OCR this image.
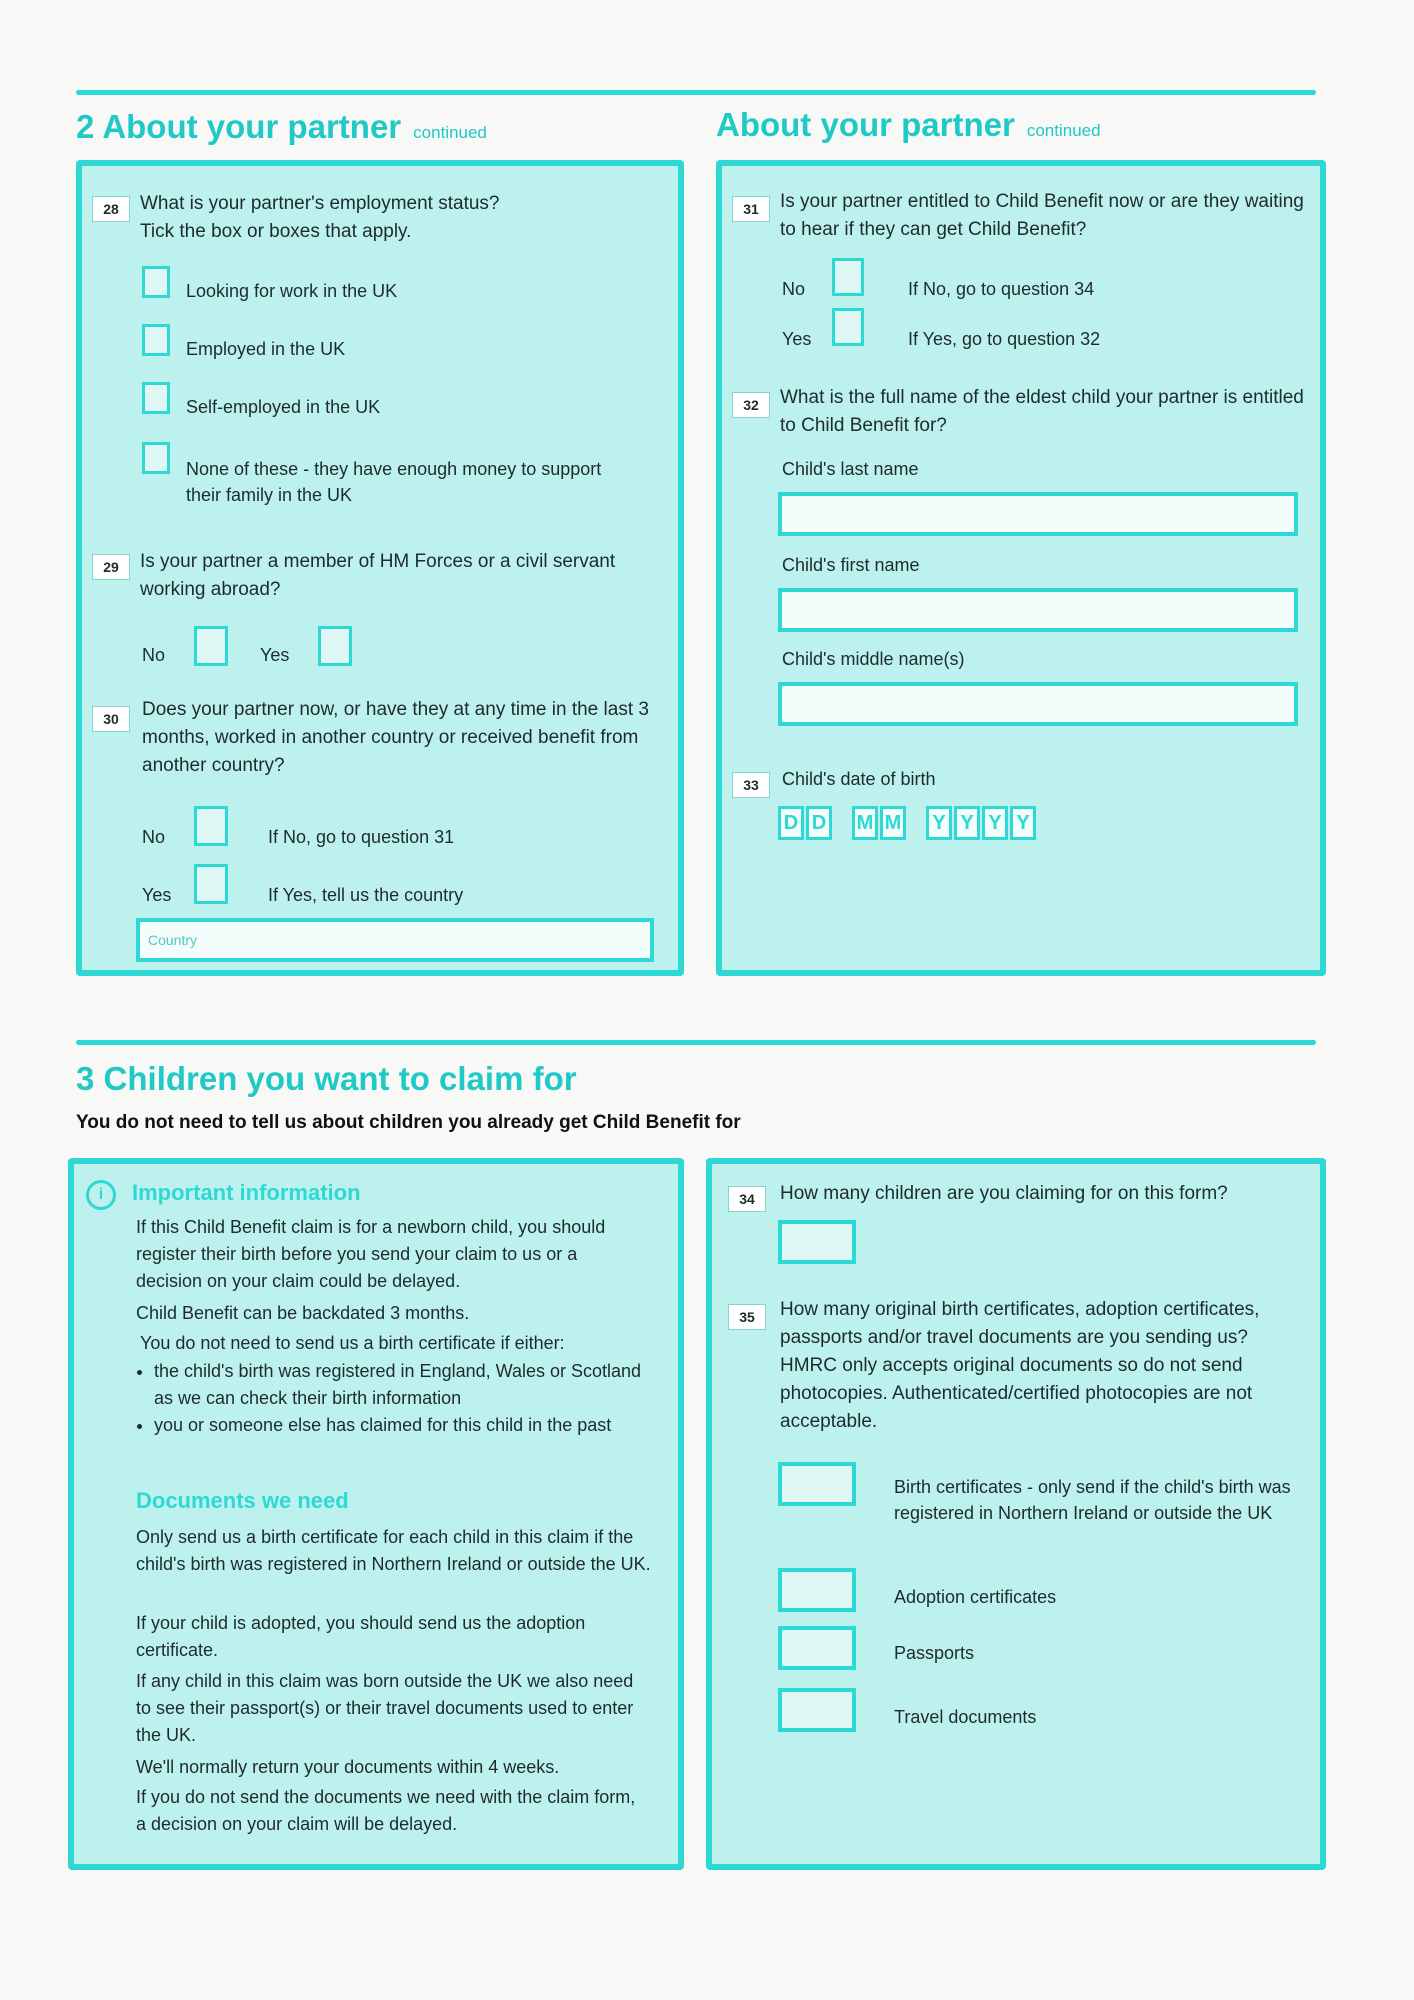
2 About your partner continued	About your partner continued
28	What is your partner's employment status?
Tick the box or boxes that apply.
Looking for work in the UK
Employed in the UK
Self-employed in the UK
None of these - they have enough money to support their family in the UK
29	Is your partner a member of HM Forces or a civil servant working abroad?
No	Yes
30	Does your partner now, or have they at any time in the last 3 months, worked in another country or received benefit from another country?
No	If No, go to question 31
Yes	If Yes, tell us the country
Country
31	Is your partner entitled to Child Benefit now or are they waiting to hear if they can get Child Benefit?
No	If No, go to question 34
Yes	If Yes, go to question 32
32	What is the full name of the eldest child your partner is entitled to Child Benefit for?
Child's last name
Child's first name
Child's middle name(s)
33	Child's date of birth
D D M M	Y Y Y Y
3 Children you want to claim for
You do not need to tell us about children you already get Child Benefit for
i	Important information
If this Child Benefit claim is for a newborn child, you should register their birth before you send your claim to us or a decision on your claim could be delayed.
Child Benefit can be backdated 3 months.
You do not need to send us a birth certificate if either:
• the child's birth was registered in England, Wales or Scotland as we can check their birth information
• you or someone else has claimed for this child in the past
Documents we need
Only send us a birth certificate for each child in this claim if the child's birth was registered in Northern Ireland or outside the UK.
If your child is adopted, you should send us the adoption certificate.
If any child in this claim was born outside the UK we also need to see their passport(s) or their travel documents used to enter the UK.
We'll normally return your documents within 4 weeks.
If you do not send the documents we need with the claim form, a decision on your claim will be delayed.
34	How many children are you claiming for on this form?
35	How many original birth certificates, adoption certificates, passports and/or travel documents are you sending us? HMRC only accepts original documents so do not send photocopies. Authenticated/certified photocopies are not acceptable.
Birth certificates - only send if the child's birth was registered in Northern Ireland or outside the UK
Adoption certificates
Passports
Travel documents
